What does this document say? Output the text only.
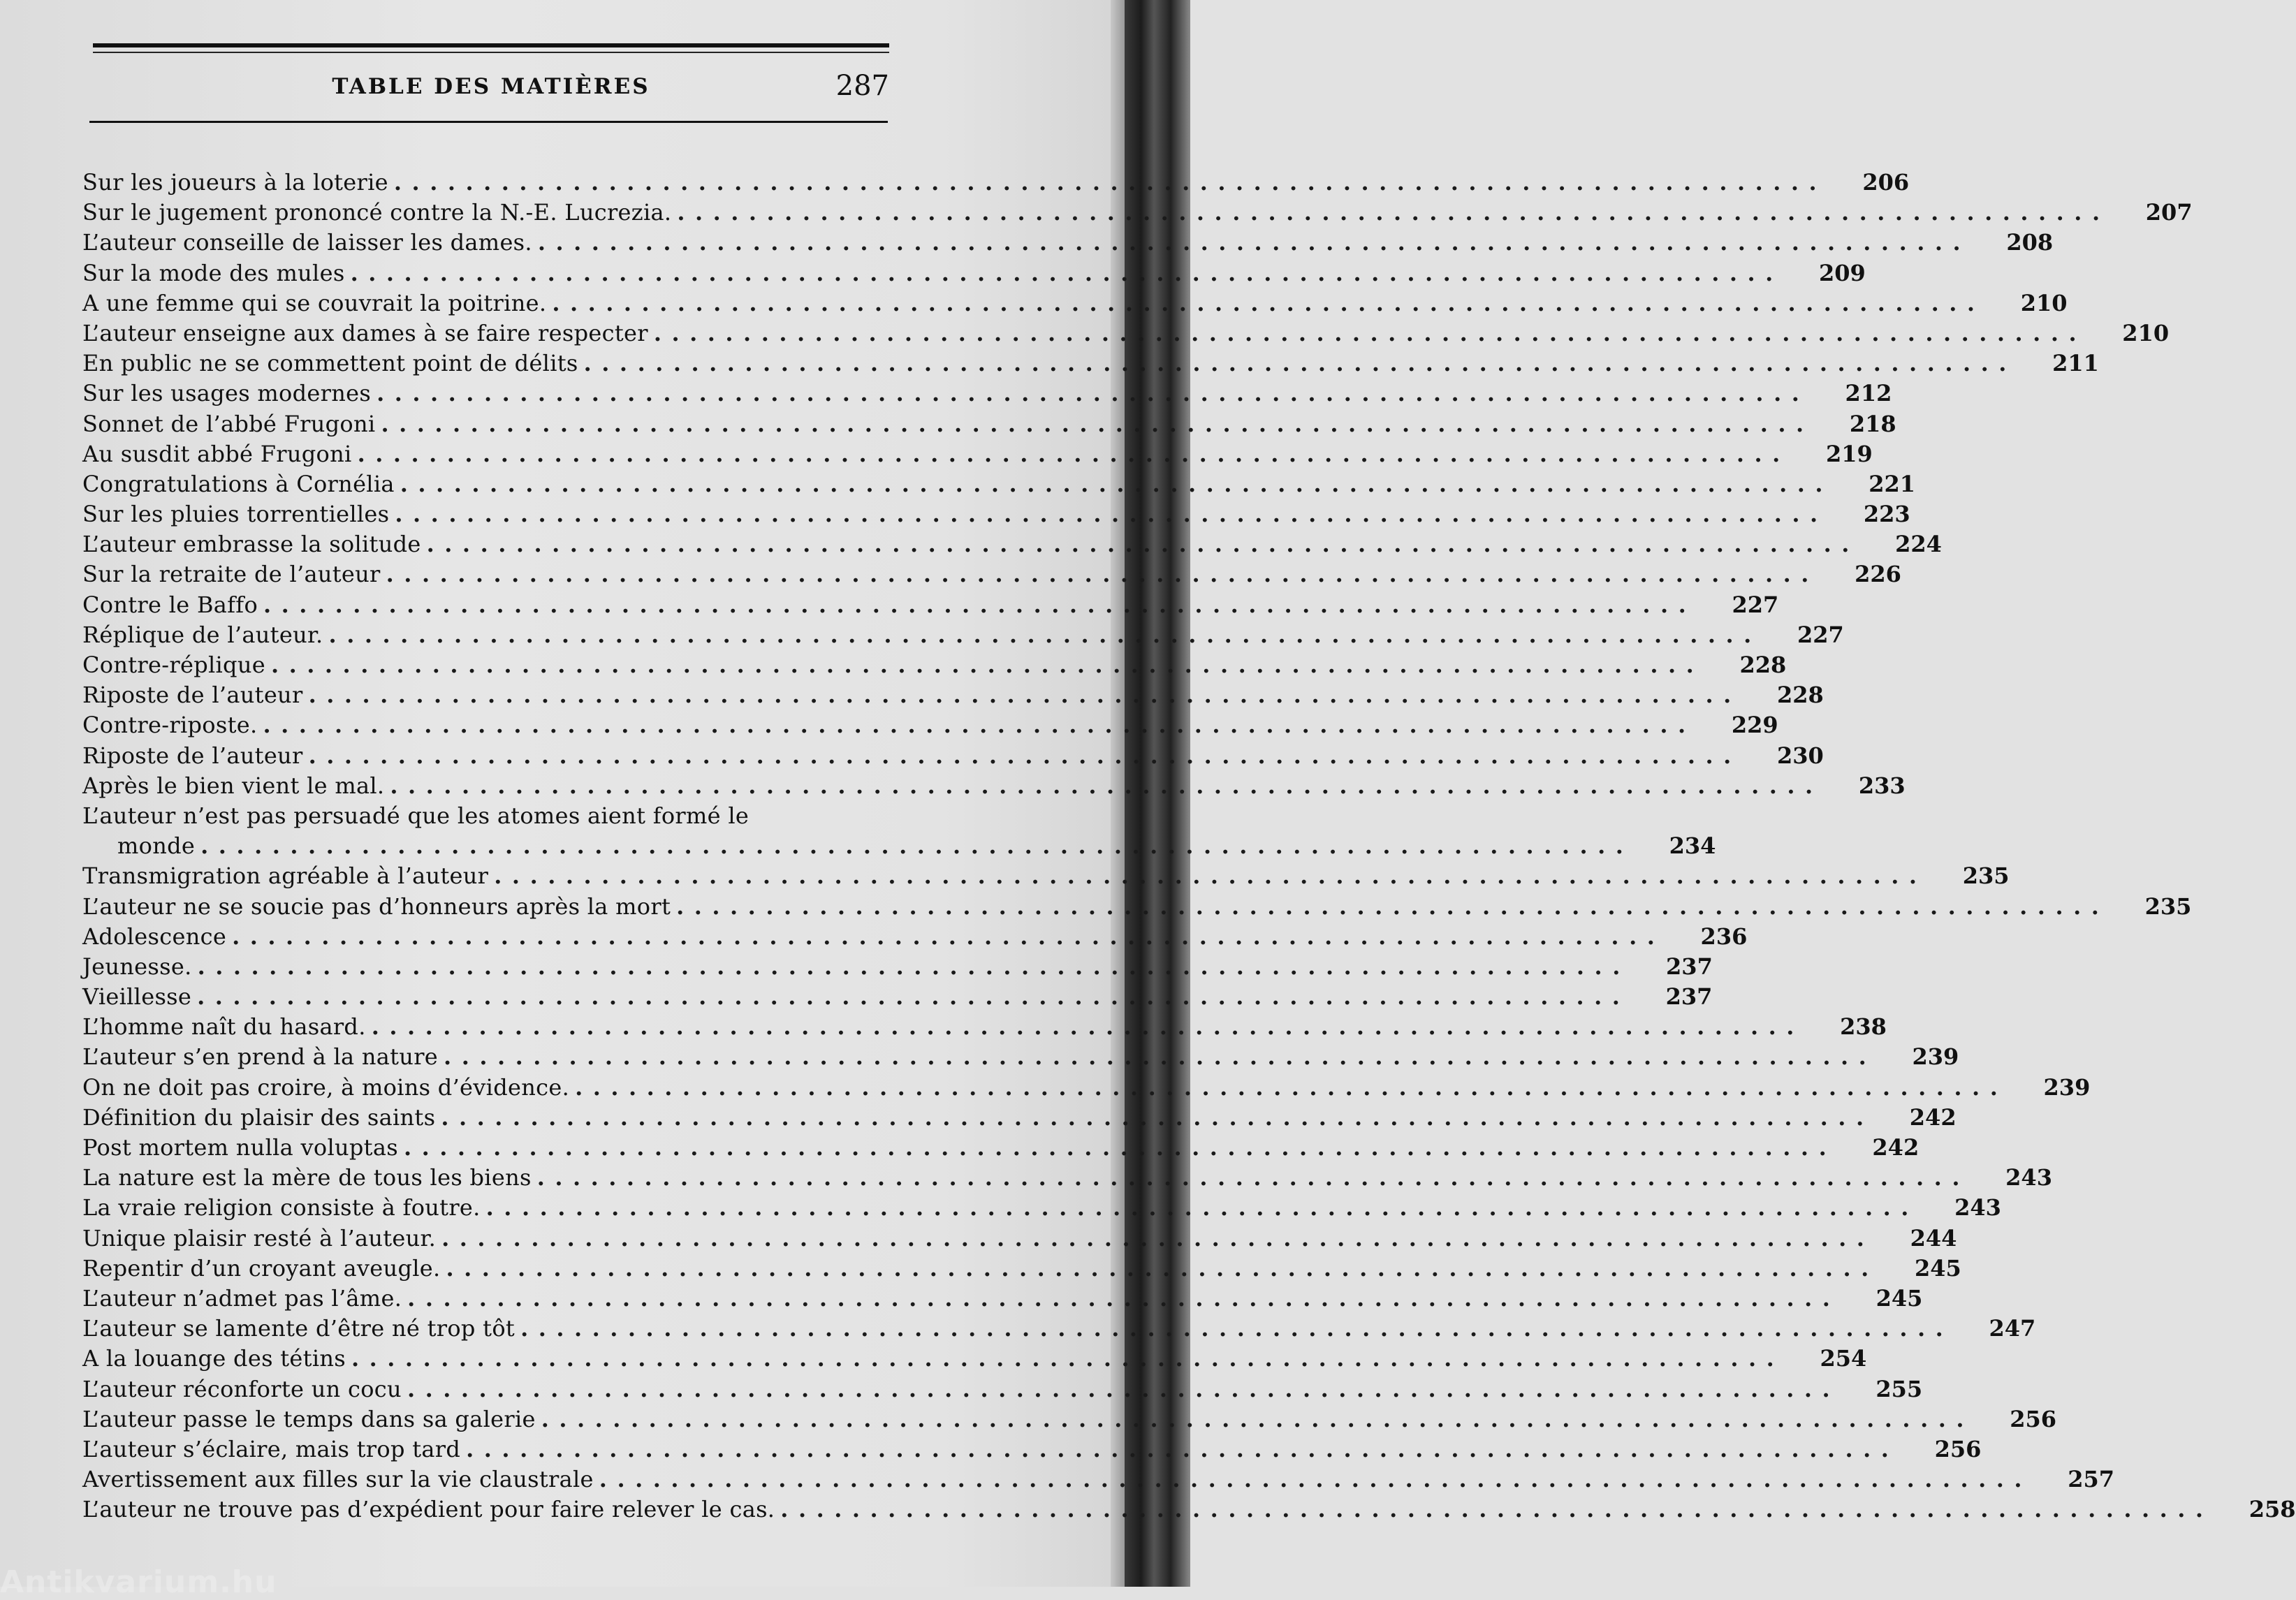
TABLE DES MATIÈRES	287
Sur les joueurs à la loterie ................................................................................	206
Sur le jugement prononcé contre la N.-E. Lucrezia. ................................................................................	207
L’auteur conseille de laisser les dames. ................................................................................	208
Sur la mode des mules ................................................................................	209
A une femme qui se couvrait la poitrine. ................................................................................	210
L’auteur enseigne aux dames à se faire respecter ................................................................................	210
En public ne se commettent point de délits ................................................................................	211
Sur les usages modernes ................................................................................	212
Sonnet de l’abbé Frugoni ................................................................................	218
Au susdit abbé Frugoni ................................................................................	219
Congratulations à Cornélia ................................................................................	221
Sur les pluies torrentielles ................................................................................	223
L’auteur embrasse la solitude ................................................................................	224
Sur la retraite de l’auteur ................................................................................	226
Contre le Baffo ................................................................................	227
Réplique de l’auteur. ................................................................................	227
Contre-réplique ................................................................................	228
Riposte de l’auteur ................................................................................	228
Contre-riposte. ................................................................................	229
Riposte de l’auteur ................................................................................	230
Après le bien vient le mal. ................................................................................	233
L’auteur n’est pas persuadé que les atomes aient formé le
monde ................................................................................	234
Transmigration agréable à l’auteur ................................................................................	235
L’auteur ne se soucie pas d’honneurs après la mort ................................................................................	235
Adolescence ................................................................................	236
Jeunesse. ................................................................................	237
Vieillesse ................................................................................	237
L’homme naît du hasard. ................................................................................	238
L’auteur s’en prend à la nature ................................................................................	239
On ne doit pas croire, à moins d’évidence. ................................................................................	239
Définition du plaisir des saints ................................................................................	242
Post mortem nulla voluptas ................................................................................	242
La nature est la mère de tous les biens ................................................................................	243
La vraie religion consiste à foutre. ................................................................................	243
Unique plaisir resté à l’auteur. ................................................................................	244
Repentir d’un croyant aveugle. ................................................................................	245
L’auteur n’admet pas l’âme. ................................................................................	245
L’auteur se lamente d’être né trop tôt ................................................................................	247
A la louange des tétins ................................................................................	254
L’auteur réconforte un cocu ................................................................................	255
L’auteur passe le temps dans sa galerie ................................................................................	256
L’auteur s’éclaire, mais trop tard ................................................................................	256
Avertissement aux filles sur la vie claustrale ................................................................................	257
L’auteur ne trouve pas d’expédient pour faire relever le cas. ................................................................................	258
Antikvarium.hu
